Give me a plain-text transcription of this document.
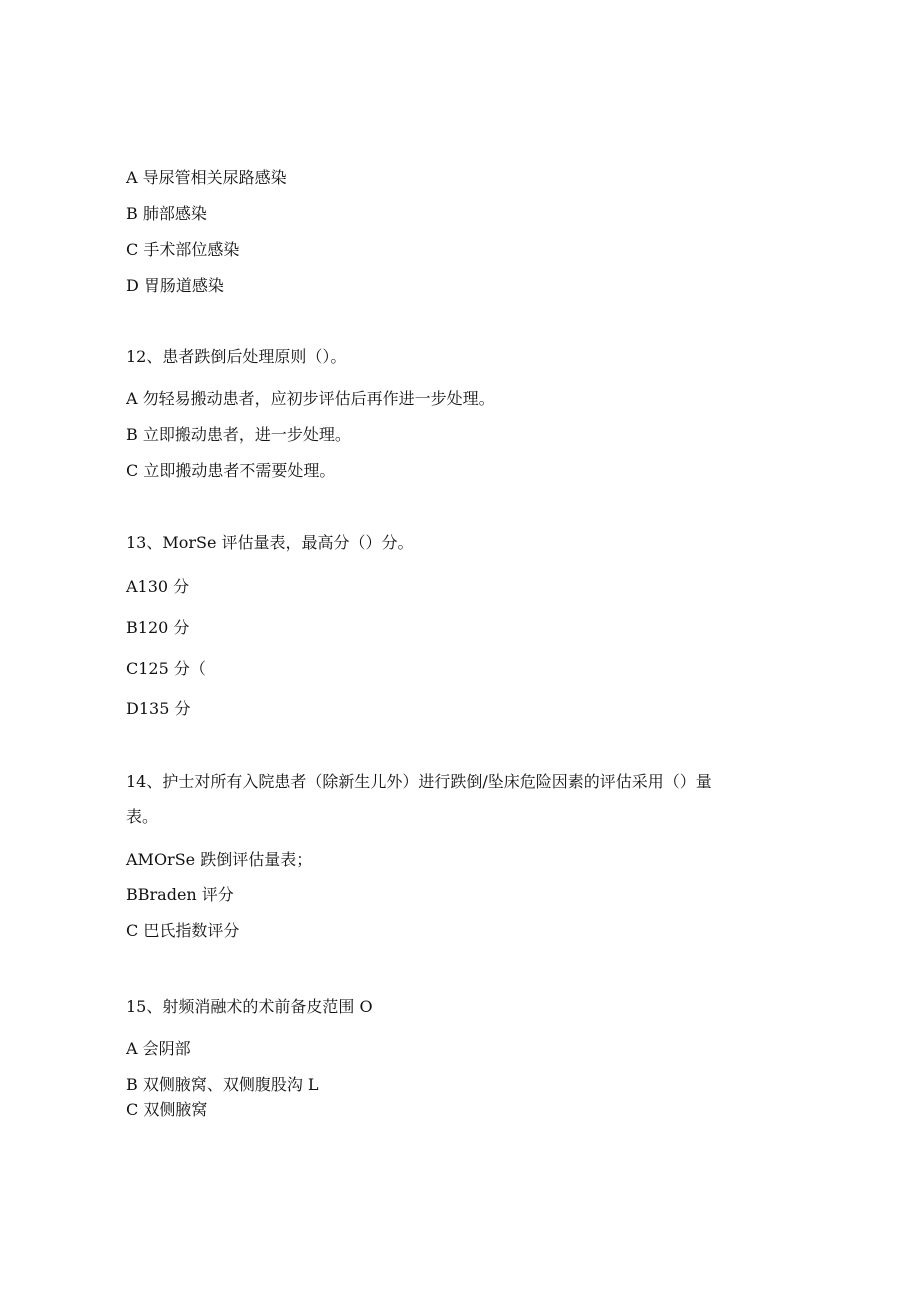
A 导尿管相关尿路感染
B 肺部感染
C 手术部位感染
D 胃肠道感染
12、患者跌倒后处理原则（）。
A 勿轻易搬动患者，应初步评估后再作进一步处理。
B 立即搬动患者，进一步处理。
C 立即搬动患者不需要处理。
13、MorSe 评估量表，最高分（）分。
A130 分
B120 分
C125 分（
D135 分
14、护士对所有入院患者（除新生儿外）进行跌倒/坠床危险因素的评估采用（）量
表。
AMOrSe 跌倒评估量表；
BBraden 评分
C 巴氏指数评分
15、射频消融术的术前备皮范围 O
A 会阴部
B 双侧腋窝、双侧腹股沟 L
C 双侧腋窝
